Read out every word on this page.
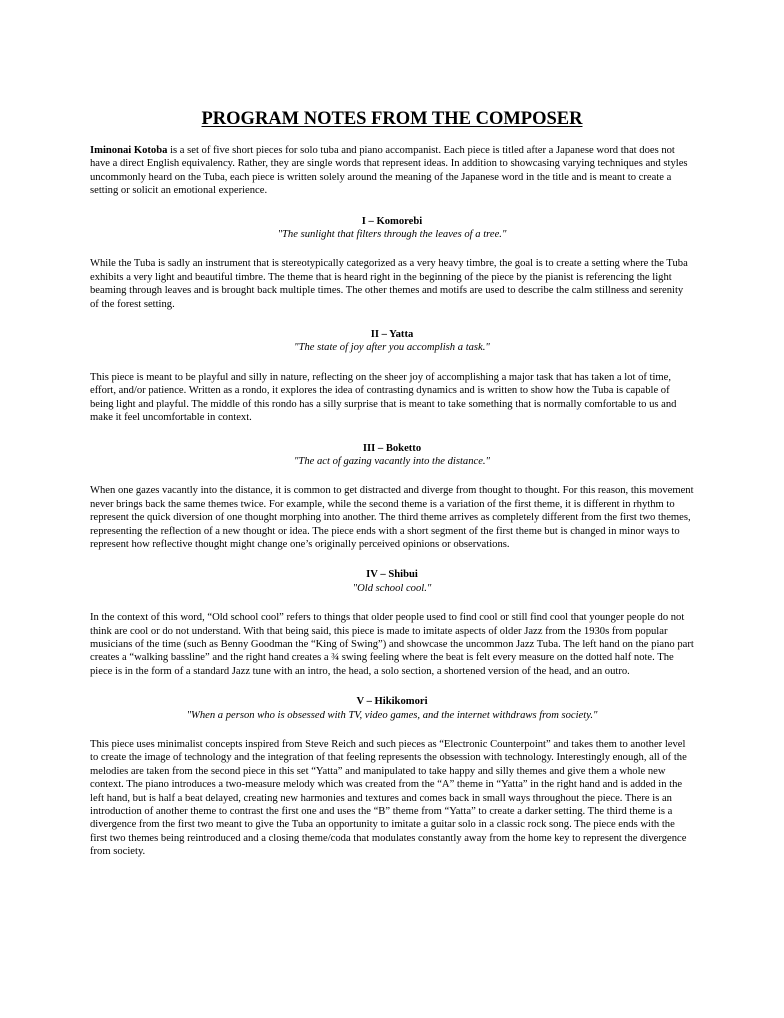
PROGRAM NOTES FROM THE COMPOSER

Iminonai Kotoba is a set of five short pieces for solo tuba and piano accompanist. Each piece is titled after a Japanese word that does not have a direct English equivalency. Rather, they are single words that represent ideas. In addition to showcasing varying techniques and styles uncommonly heard on the Tuba, each piece is written solely around the meaning of the Japanese word in the title and is meant to create a setting or solicit an emotional experience.

I – Komorebi
"The sunlight that filters through the leaves of a tree."

While the Tuba is sadly an instrument that is stereotypically categorized as a very heavy timbre, the goal is to create a setting where the Tuba exhibits a very light and beautiful timbre. The theme that is heard right in the beginning of the piece by the pianist is referencing the light beaming through leaves and is brought back multiple times. The other themes and motifs are used to describe the calm stillness and serenity of the forest setting.

II – Yatta
"The state of joy after you accomplish a task."

This piece is meant to be playful and silly in nature, reflecting on the sheer joy of accomplishing a major task that has taken a lot of time, effort, and/or patience. Written as a rondo, it explores the idea of contrasting dynamics and is written to show how the Tuba is capable of being light and playful. The middle of this rondo has a silly surprise that is meant to take something that is normally comfortable to us and make it feel uncomfortable in context.

III – Boketto
"The act of gazing vacantly into the distance."

When one gazes vacantly into the distance, it is common to get distracted and diverge from thought to thought. For this reason, this movement never brings back the same themes twice. For example, while the second theme is a variation of the first theme, it is different in rhythm to represent the quick diversion of one thought morphing into another. The third theme arrives as completely different from the first two themes, representing the reflection of a new thought or idea. The piece ends with a short segment of the first theme but is changed in minor ways to represent how reflective thought might change one’s originally perceived opinions or observations.

IV – Shibui
"Old school cool."

In the context of this word, “Old school cool” refers to things that older people used to find cool or still find cool that younger people do not think are cool or do not understand. With that being said, this piece is made to imitate aspects of older Jazz from the 1930s from popular musicians of the time (such as Benny Goodman the “King of Swing”) and showcase the uncommon Jazz Tuba. The left hand on the piano part creates a “walking bassline” and the right hand creates a ¾ swing feeling where the beat is felt every measure on the dotted half note. The piece is in the form of a standard Jazz tune with an intro, the head, a solo section, a shortened version of the head, and an outro.

V – Hikikomori
"When a person who is obsessed with TV, video games, and the internet withdraws from society."

This piece uses minimalist concepts inspired from Steve Reich and such pieces as “Electronic Counterpoint” and takes them to another level to create the image of technology and the integration of that feeling represents the obsession with technology. Interestingly enough, all of the melodies are taken from the second piece in this set “Yatta” and manipulated to take happy and silly themes and give them a whole new context. The piano introduces a two-measure melody which was created from the “A” theme in “Yatta” in the right hand and is added in the left hand, but is half a beat delayed, creating new harmonies and textures and comes back in small ways throughout the piece. There is an introduction of another theme to contrast the first one and uses the “B” theme from “Yatta” to create a darker setting. The third theme is a divergence from the first two meant to give the Tuba an opportunity to imitate a guitar solo in a classic rock song. The piece ends with the first two themes being reintroduced and a closing theme/coda that modulates constantly away from the home key to represent the divergence from society.
